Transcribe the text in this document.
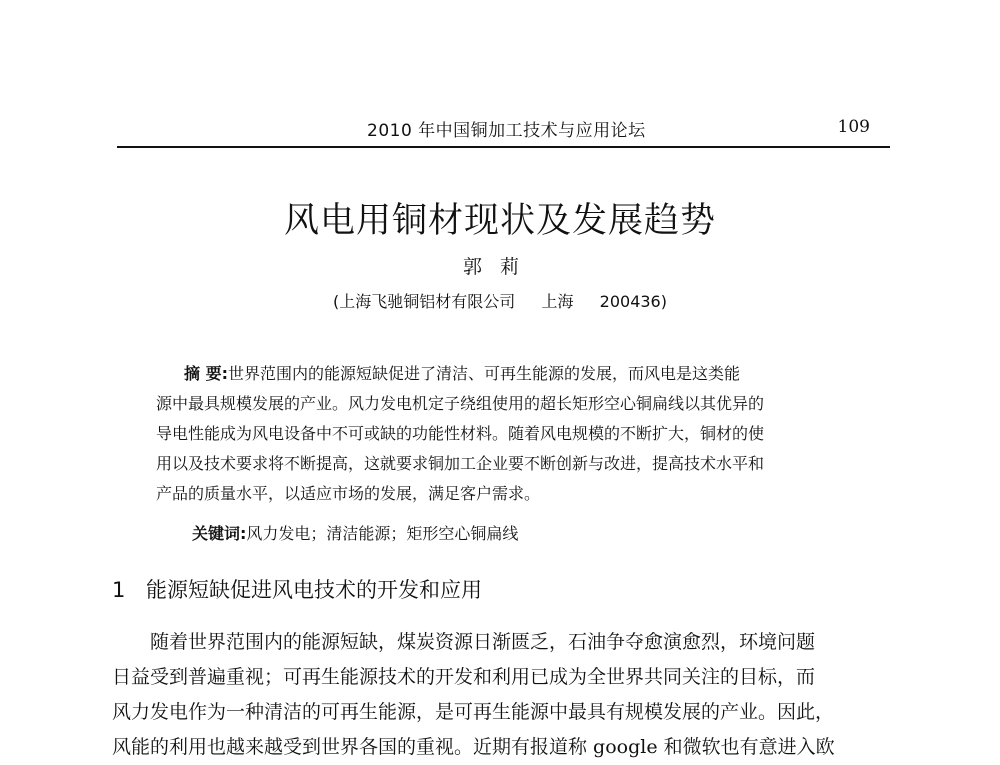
2010 年中国铜加工技术与应用论坛	109
风电用铜材现状及发展趋势
郭莉
(上海飞驰铜铝材有限公司 上海 200436)
摘 要:世界范围内的能源短缺促进了清洁、可再生能源的发展，而风电是这类能
源中最具规模发展的产业。风力发电机定子绕组使用的超长矩形空心铜扁线以其优异的
导电性能成为风电设备中不可或缺的功能性材料。随着风电规模的不断扩大，铜材的使
用以及技术要求将不断提高，这就要求铜加工企业要不断创新与改进，提高技术水平和
产品的质量水平，以适应市场的发展，满足客户需求。
关键词:风力发电；清洁能源；矩形空心铜扁线
1 能源短缺促进风电技术的开发和应用
随着世界范围内的能源短缺，煤炭资源日渐匮乏，石油争夺愈演愈烈，环境问题
日益受到普遍重视；可再生能源技术的开发和利用已成为全世界共同关注的目标，而
风力发电作为一种清洁的可再生能源，是可再生能源中最具有规模发展的产业。因此，
风能的利用也越来越受到世界各国的重视。近期有报道称 google 和微软也有意进入欧
